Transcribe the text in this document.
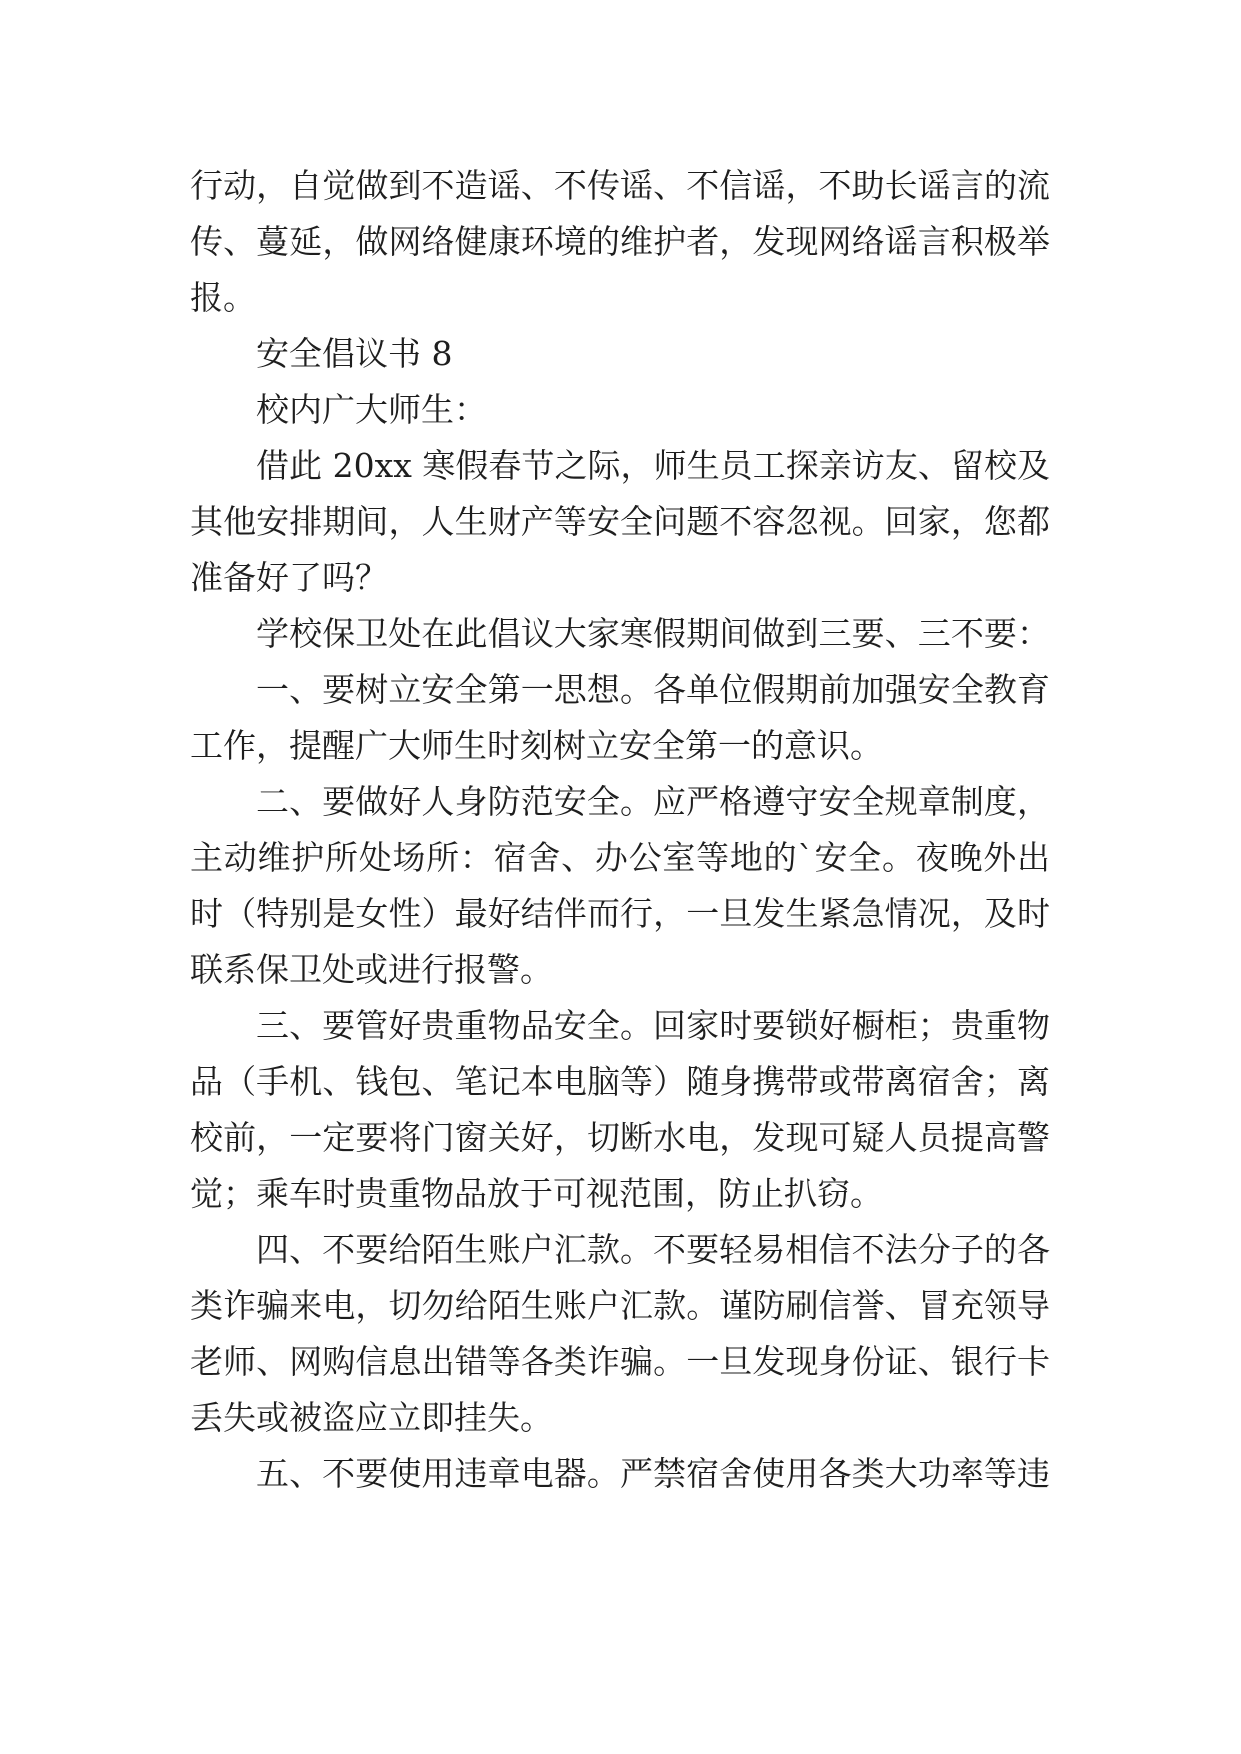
行动，自觉做到不造谣、不传谣、不信谣，不助长谣言的流
传、蔓延，做网络健康环境的维护者，发现网络谣言积极举
报。
安全倡议书 8
校内广大师生：
借此 20xx 寒假春节之际，师生员工探亲访友、留校及
其他安排期间，人生财产等安全问题不容忽视。回家，您都
准备好了吗？
学校保卫处在此倡议大家寒假期间做到三要、三不要：
一、要树立安全第一思想。各单位假期前加强安全教育
工作，提醒广大师生时刻树立安全第一的意识。
二、要做好人身防范安全。应严格遵守安全规章制度，
主动维护所处场所：宿舍、办公室等地的`安全。夜晚外出
时（特别是女性）最好结伴而行，一旦发生紧急情况，及时
联系保卫处或进行报警。
三、要管好贵重物品安全。回家时要锁好橱柜；贵重物
品（手机、钱包、笔记本电脑等）随身携带或带离宿舍；离
校前，一定要将门窗关好，切断水电，发现可疑人员提高警
觉；乘车时贵重物品放于可视范围，防止扒窃。
四、不要给陌生账户汇款。不要轻易相信不法分子的各
类诈骗来电，切勿给陌生账户汇款。谨防刷信誉、冒充领导
老师、网购信息出错等各类诈骗。一旦发现身份证、银行卡
丢失或被盗应立即挂失。
五、不要使用违章电器。严禁宿舍使用各类大功率等违
